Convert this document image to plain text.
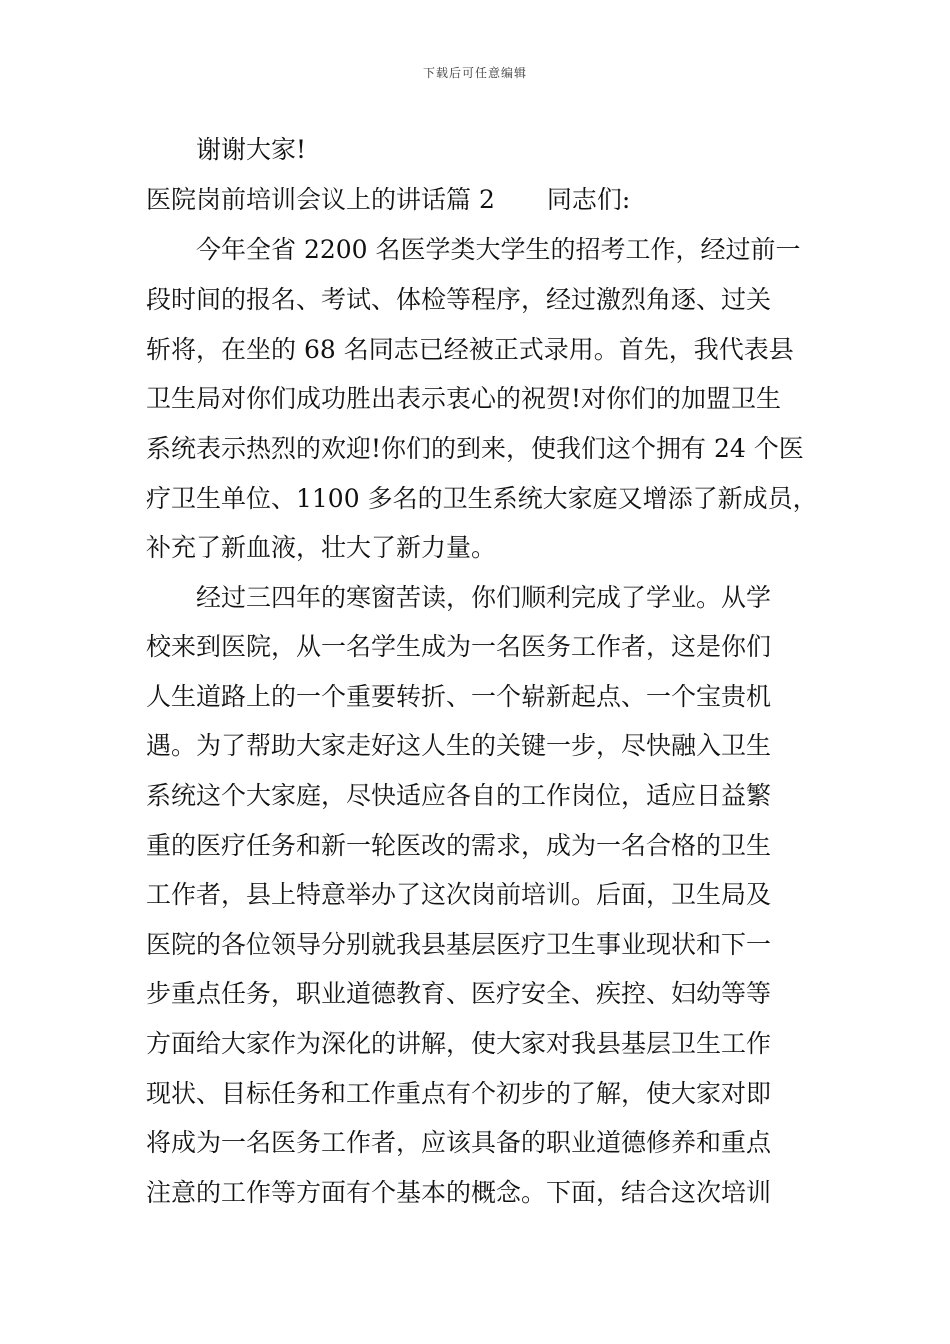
下载后可任意编辑
谢谢大家!
医院岗前培训会议上的讲话篇 2 同志们:
今年全省 2200 名医学类大学生的招考工作，经过前一
段时间的报名、考试、体检等程序，经过激烈角逐、过关
斩将，在坐的 68 名同志已经被正式录用。首先，我代表县
卫生局对你们成功胜出表示衷心的祝贺!对你们的加盟卫生
系统表示热烈的欢迎!你们的到来，使我们这个拥有 24 个医
疗卫生单位、1100 多名的卫生系统大家庭又增添了新成员，
补充了新血液，壮大了新力量。
经过三四年的寒窗苦读，你们顺利完成了学业。从学
校来到医院，从一名学生成为一名医务工作者，这是你们
人生道路上的一个重要转折、一个崭新起点、一个宝贵机
遇。为了帮助大家走好这人生的关键一步，尽快融入卫生
系统这个大家庭，尽快适应各自的工作岗位，适应日益繁
重的医疗任务和新一轮医改的需求，成为一名合格的卫生
工作者，县上特意举办了这次岗前培训。后面，卫生局及
医院的各位领导分别就我县基层医疗卫生事业现状和下一
步重点任务，职业道德教育、医疗安全、疾控、妇幼等等
方面给大家作为深化的讲解，使大家对我县基层卫生工作
现状、目标任务和工作重点有个初步的了解，使大家对即
将成为一名医务工作者，应该具备的职业道德修养和重点
注意的工作等方面有个基本的概念。下面，结合这次培训
